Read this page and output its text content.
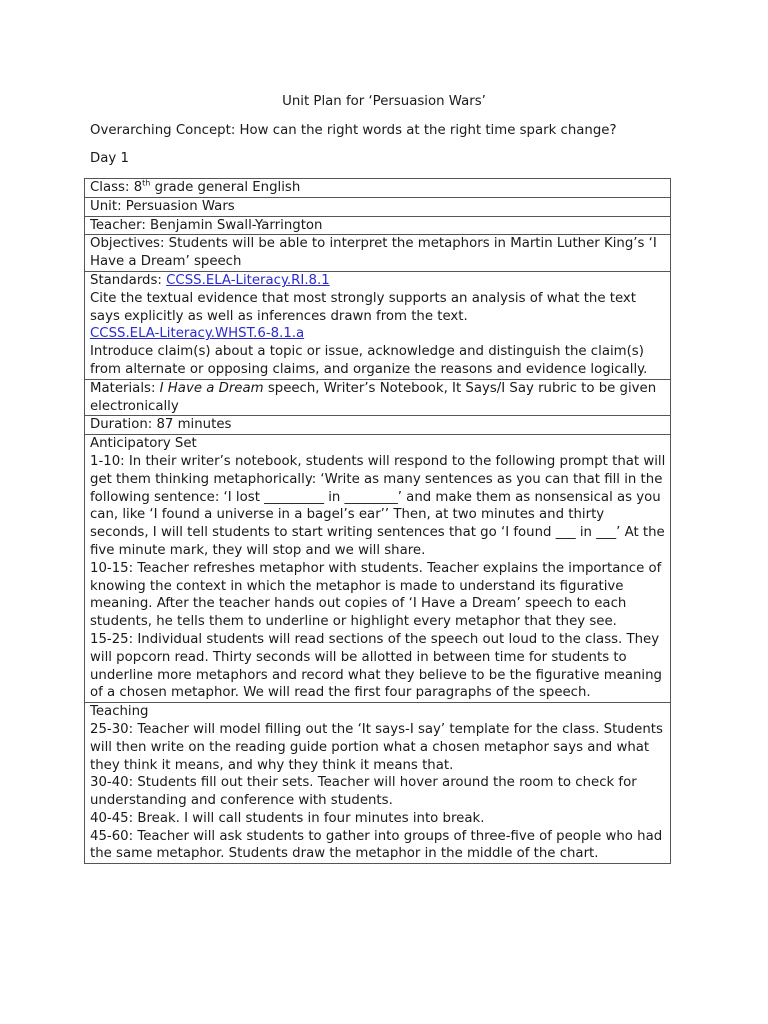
Unit Plan for ‘Persuasion Wars’
Overarching Concept: How can the right words at the right time spark change?
Day 1
Class: 8th grade general English
Unit: Persuasion Wars
Teacher: Benjamin Swall-Yarrington
Objectives: Students will be able to interpret the metaphors in Martin Luther King’s ‘I Have a Dream’ speech

Standards: CCSS.ELA-Literacy.RI.8.1
Cite the textual evidence that most strongly supports an analysis of what the text says explicitly as well as inferences drawn from the text.
CCSS.ELA-Literacy.WHST.6-8.1.a
Introduce claim(s) about a topic or issue, acknowledge and distinguish the claim(s) from alternate or opposing claims, and organize the reasons and evidence logically.

Materials: I Have a Dream speech, Writer’s Notebook, It Says/I Say rubric to be given electronically
Duration: 87 minutes

Anticipatory Set
1-10: In their writer’s notebook, students will respond to the following prompt that will get them thinking metaphorically: ‘Write as many sentences as you can that fill in the following sentence: ‘I lost _________ in ________’ and make them as nonsensical as you can, like ‘I found a universe in a bagel’s ear’’ Then, at two minutes and thirty seconds, I will tell students to start writing sentences that go ‘I found ___ in ___’ At the five minute mark, they will stop and we will share.
10-15: Teacher refreshes metaphor with students. Teacher explains the importance of knowing the context in which the metaphor is made to understand its figurative meaning. After the teacher hands out copies of ‘I Have a Dream’ speech to each students, he tells them to underline or highlight every metaphor that they see.
15-25: Individual students will read sections of the speech out loud to the class. They will popcorn read. Thirty seconds will be allotted in between time for students to underline more metaphors and record what they believe to be the figurative meaning of a chosen metaphor. We will read the first four paragraphs of the speech.

Teaching
25-30: Teacher will model filling out the ‘It says-I say’ template for the class. Students will then write on the reading guide portion what a chosen metaphor says and what they think it means, and why they think it means that.
30-40: Students fill out their sets. Teacher will hover around the room to check for understanding and conference with students.
40-45: Break. I will call students in four minutes into break.
45-60: Teacher will ask students to gather into groups of three-five of people who had the same metaphor. Students draw the metaphor in the middle of the chart.
